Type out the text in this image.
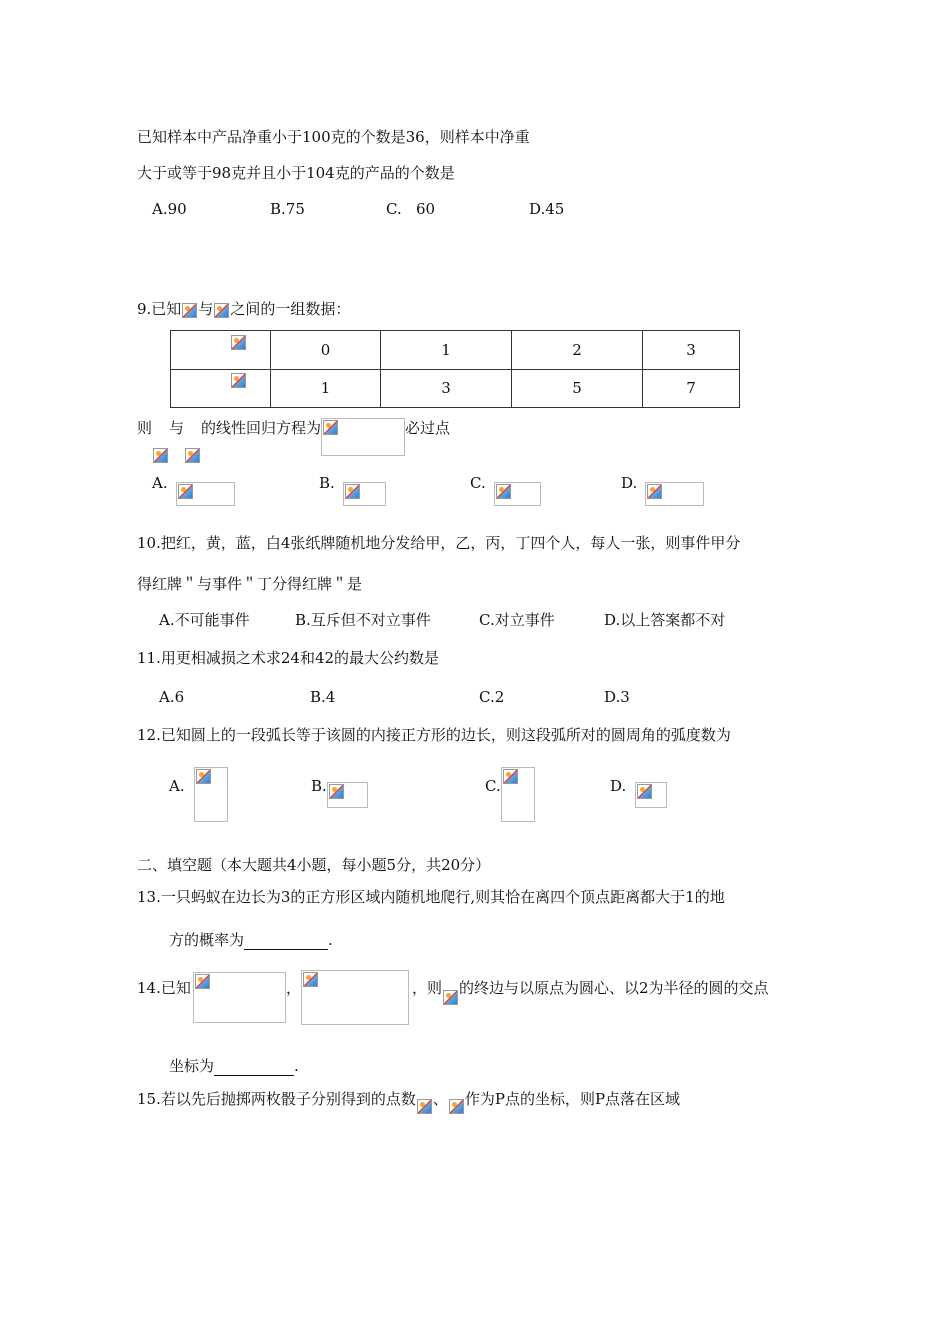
已知样本中产品净重小于100克的个数是36，则样本中净重
大于或等于98克并且小于104克的产品的个数是
A.90	B.75	C.   60	D.45
9.已知 与 之间的一组数据：
	0	1	2	3

	1	3	5	7
则 与 的线性回归方程为	必过点
A.	B.	C.	D.
10.把红，黄，蓝，白4张纸牌随机地分发给甲，乙，丙，丁四个人，每人一张，则事件甲分
得红牌＂与事件＂丁分得红牌＂是
A.不可能事件	B.互斥但不对立事件	C.对立事件	D.以上答案都不对
11.用更相减损之术求24和42的最大公约数是
A.6	B.4	C.2	D.3
12.已知圆上的一段弧长等于该圆的内接正方形的边长，则这段弧所对的圆周角的弧度数为
A.	B.	C.	D.
二、填空题（本大题共4小题，每小题5分，共20分）
13.一只蚂蚁在边长为3的正方形区域内随机地爬行,则其恰在离四个顶点距离都大于1的地
方的概率为	.
14.已知	，	，则 的终边与以原点为圆心、以2为半径的圆的交点
坐标为	.
15.若以先后抛掷两枚骰子分别得到的点数 、 作为P点的坐标，则P点落在区域
